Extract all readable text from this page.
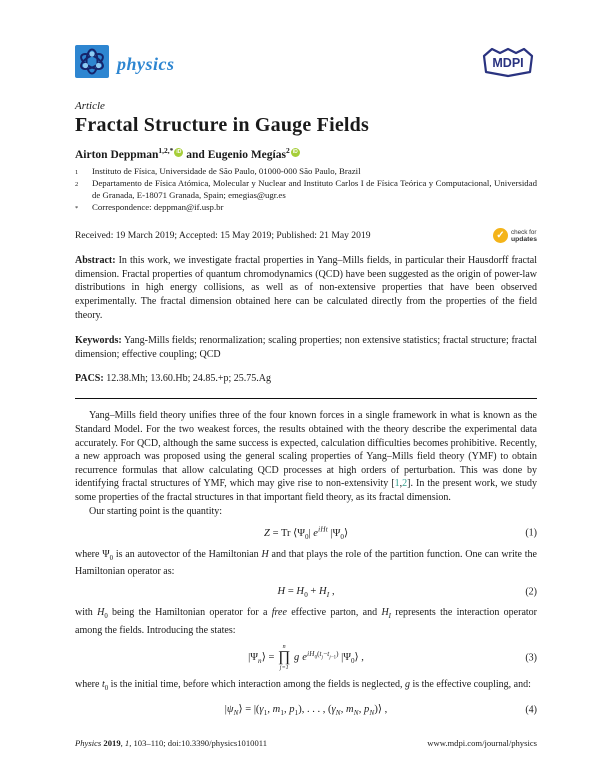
physics	MDPI
Article
Fractal Structure in Gauge Fields
Airton Deppman$^{1,2,*}$ iD and Eugenio Megías$^2$ iD
1	Instituto de Física, Universidade de São Paulo, 01000-000 São Paulo, Brazil
2	Departamento de Física Atómica, Molecular y Nuclear and Instituto Carlos I de Física Teórica y Computacional, Universidad de Granada, E-18071 Granada, Spain; emegias@ugr.es
*	Correspondence: deppman@if.usp.br
Received: 19 March 2019; Accepted: 15 May 2019; Published: 21 May 2019	✓	check for
updates
Abstract: In this work, we investigate fractal properties in Yang–Mills fields, in particular their Hausdorff fractal dimension. Fractal properties of quantum chromodynamics (QCD) have been suggested as the origin of power-law distributions in high energy collisions, as well as of non-extensive properties that have been observed experimentally. The fractal dimension obtained here can be calculated directly from the properties of the field theory.
Keywords: Yang-Mills fields; renormalization; scaling properties; non extensive statistics; fractal structure; fractal dimension; effective coupling; QCD
PACS: 12.38.Mh; 13.60.Hb; 24.85.+p; 25.75.Ag
Yang–Mills field theory unifies three of the four known forces in a single framework in what is known as the Standard Model. For the two weakest forces, the results obtained with the theory describe the experimental data accurately. For QCD, although the same success is expected, calculation difficulties becomes prohibitive. Recently, a new approach was proposed using the general scaling properties of Yang–Mills field theory (YMF) to obtain recurrence formulas that allow calculating QCD processes at high orders of perturbation. This was done by identifying fractal structures of YMF, which may give rise to non-extensivity [1,2]. In the present work, we study some properties of the fractal structures in that important field theory, as its fractal dimension.
Our starting point is the quantity:
Z = Tr $⟨\Psi_0|$ $e^{iHt}$ $|\Psi_0⟩$	(1)
where $\Psi_0$ is an autovector of the Hamiltonian H and that plays the role of the partition function. One can write the Hamiltonian operator as:
$H = H_0 + H_I$ ,	(2)
with $H_0$ being the Hamiltonian operator for a free effective parton, and $H_I$ represents the interaction operator among the fields. Introducing the states:
$|\Psi_n⟩$ =
n
∏
j=1
g $e^{iH_0(t_j-t_{j-1})}$ $|\Psi_0⟩$ ,	(3)
where $t_0$ is the initial time, before which interaction among the fields is neglected, g is the effective coupling, and:
$|\psi_N⟩ = |(\gamma_1$, $m_1$, $p_1$), . . . , ($\gamma_N$, $m_N$, $p_N)⟩$ ,	(4)
Physics 2019, 1, 103–110; doi:10.3390/physics1010011	www.mdpi.com/journal/physics
